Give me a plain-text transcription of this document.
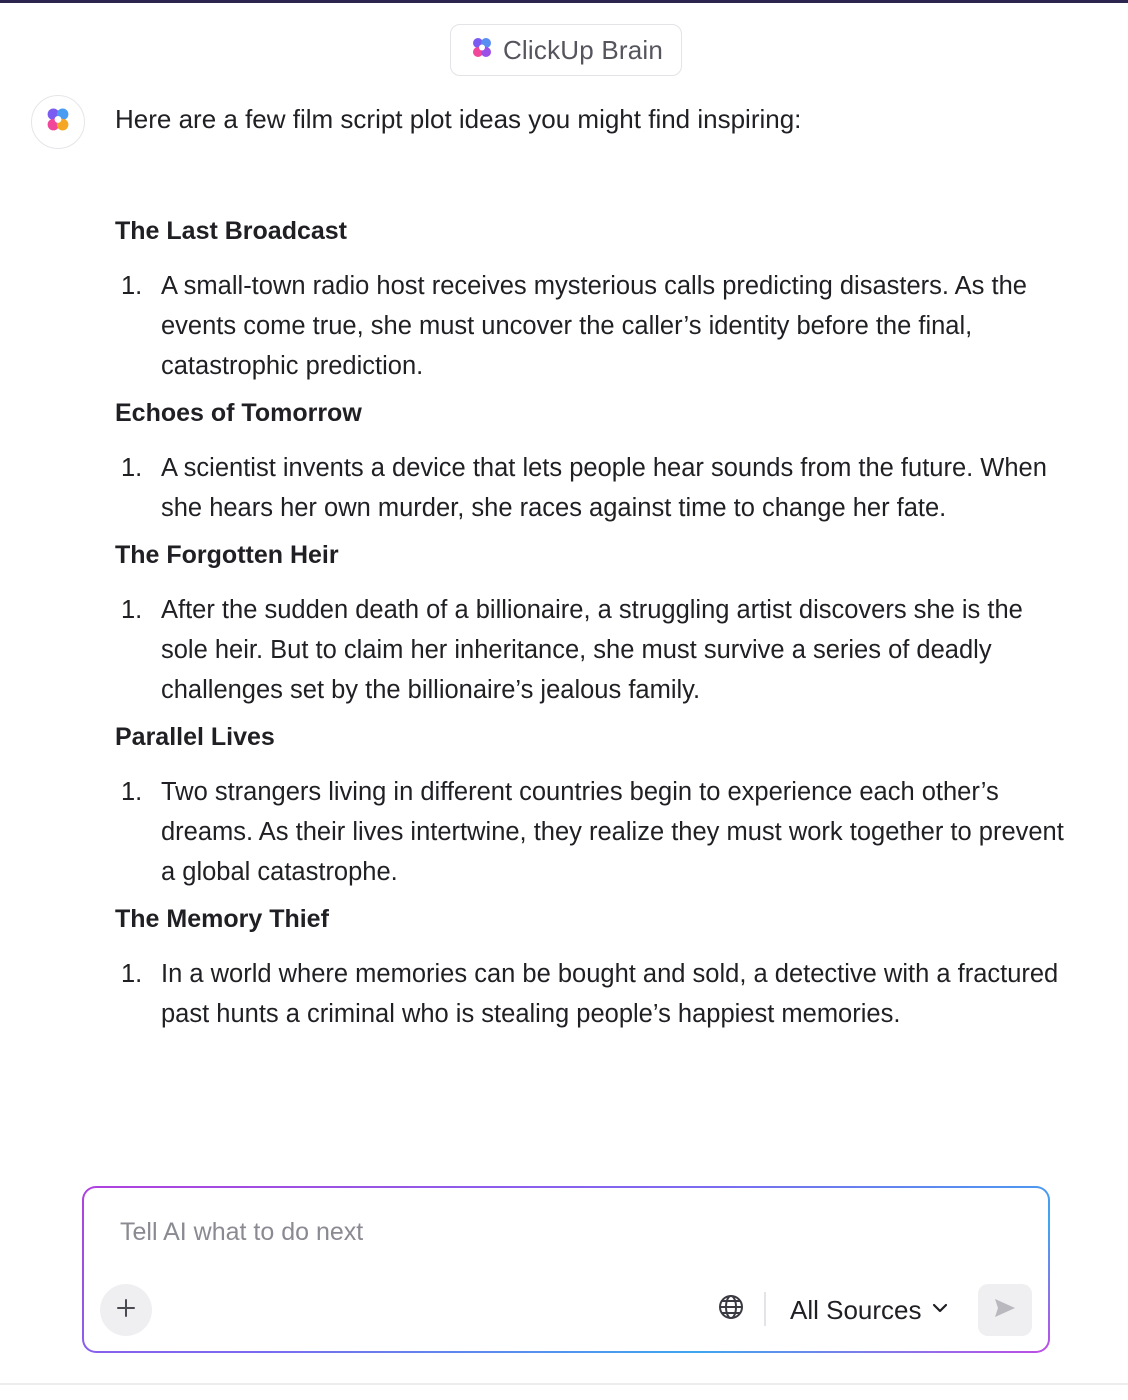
ClickUp Brain
Here are a few film script plot ideas you might find inspiring:
The Last Broadcast
1. A small-town radio host receives mysterious calls predicting disasters. As the events come true, she must uncover the caller’s identity before the final, catastrophic prediction.
Echoes of Tomorrow
1. A scientist invents a device that lets people hear sounds from the future. When she hears her own murder, she races against time to change her fate.
The Forgotten Heir
1. After the sudden death of a billionaire, a struggling artist discovers she is the sole heir. But to claim her inheritance, she must survive a series of deadly challenges set by the billionaire’s jealous family.
Parallel Lives
1. Two strangers living in different countries begin to experience each other’s dreams. As their lives intertwine, they realize they must work together to prevent a global catastrophe.
The Memory Thief
1. In a world where memories can be bought and sold, a detective with a fractured past hunts a criminal who is stealing people’s happiest memories.
Tell AI what to do next
All Sources
